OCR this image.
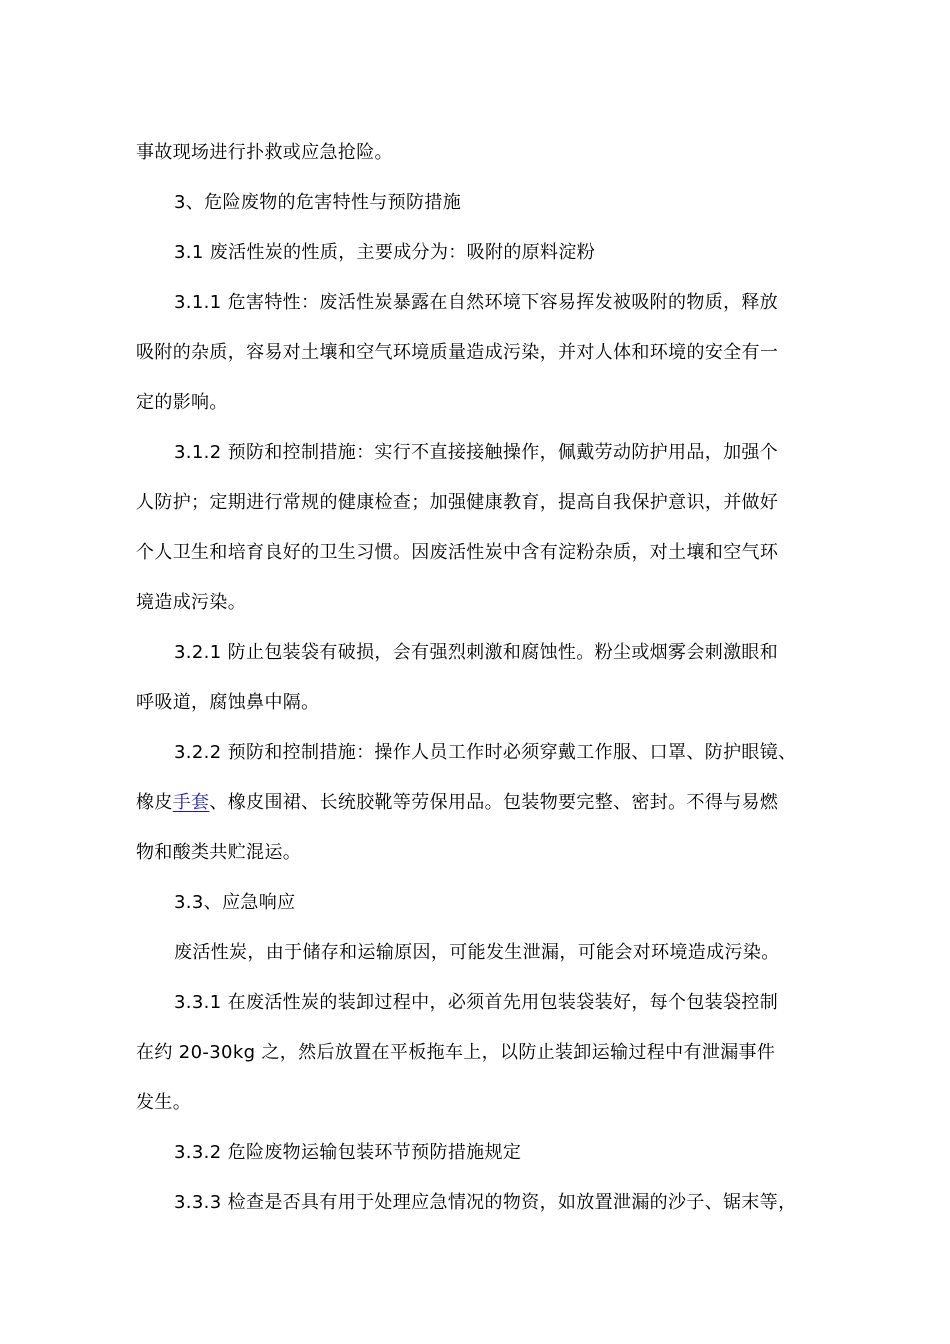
事故现场进行扑救或应急抢险。

3、危险废物的危害特性与预防措施

3.1 废活性炭的性质，主要成分为：吸附的原料淀粉

3.1.1 危害特性：废活性炭暴露在自然环境下容易挥发被吸附的物质，释放

吸附的杂质，容易对土壤和空气环境质量造成污染，并对人体和环境的安全有一

定的影响。

3.1.2 预防和控制措施：实行不直接接触操作，佩戴劳动防护用品，加强个

人防护；定期进行常规的健康检查；加强健康教育，提高自我保护意识，并做好

个人卫生和培育良好的卫生习惯。因废活性炭中含有淀粉杂质，对土壤和空气环

境造成污染。

3.2.1 防止包装袋有破损，会有强烈刺激和腐蚀性。粉尘或烟雾会刺激眼和

呼吸道，腐蚀鼻中隔。

3.2.2 预防和控制措施：操作人员工作时必须穿戴工作服、口罩、防护眼镜、

橡皮手套、橡皮围裙、长统胶靴等劳保用品。包装物要完整、密封。不得与易燃

物和酸类共贮混运。

3.3、应急响应

废活性炭，由于储存和运输原因，可能发生泄漏，可能会对环境造成污染。

3.3.1 在废活性炭的装卸过程中，必须首先用包装袋装好，每个包装袋控制

在约 20-30kg 之，然后放置在平板拖车上，以防止装卸运输过程中有泄漏事件

发生。

3.3.2 危险废物运输包装环节预防措施规定

3.3.3 检查是否具有用于处理应急情况的物资，如放置泄漏的沙子、锯末等，
